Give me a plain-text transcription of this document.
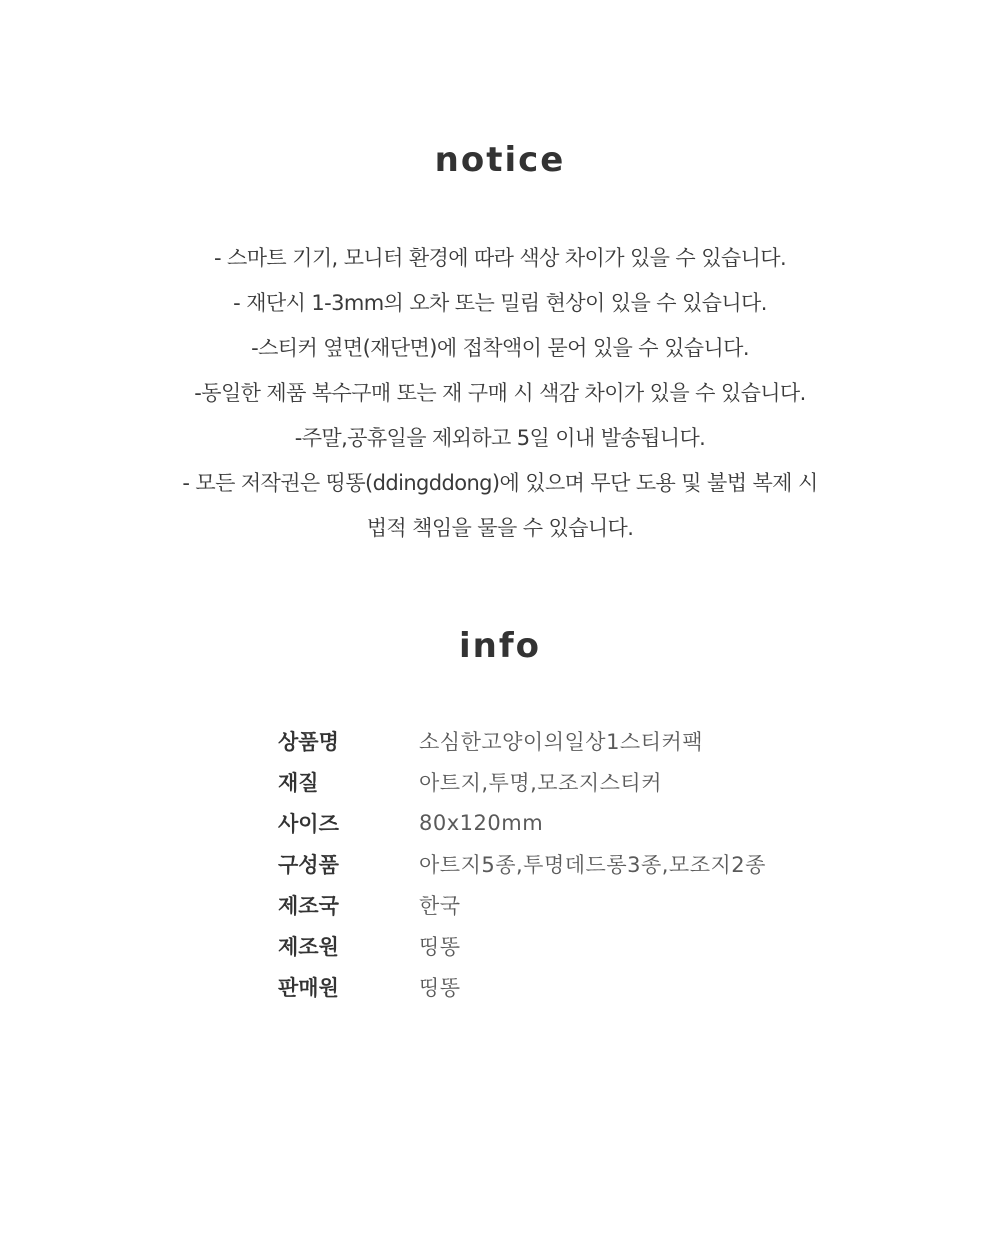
notice
- 스마트 기기, 모니터 환경에 따라 색상 차이가 있을 수 있습니다.
- 재단시 1-3mm의 오차 또는 밀림 현상이 있을 수 있습니다.
-스티커 옆면(재단면)에 접착액이 묻어 있을 수 있습니다.
-동일한 제품 복수구매 또는 재 구매 시 색감 차이가 있을 수 있습니다.
-주말,공휴일을 제외하고 5일 이내 발송됩니다.
- 모든 저작권은 띵똥(ddingddong)에 있으며 무단 도용 및 불법 복제 시
법적 책임을 물을 수 있습니다.
info
상품명	소심한고양이의일상1스티커팩
재질	아트지,투명,모조지스티커
사이즈	80x120mm
구성품	아트지5종,투명데드롱3종,모조지2종
제조국	한국
제조원	띵똥
판매원	띵똥
